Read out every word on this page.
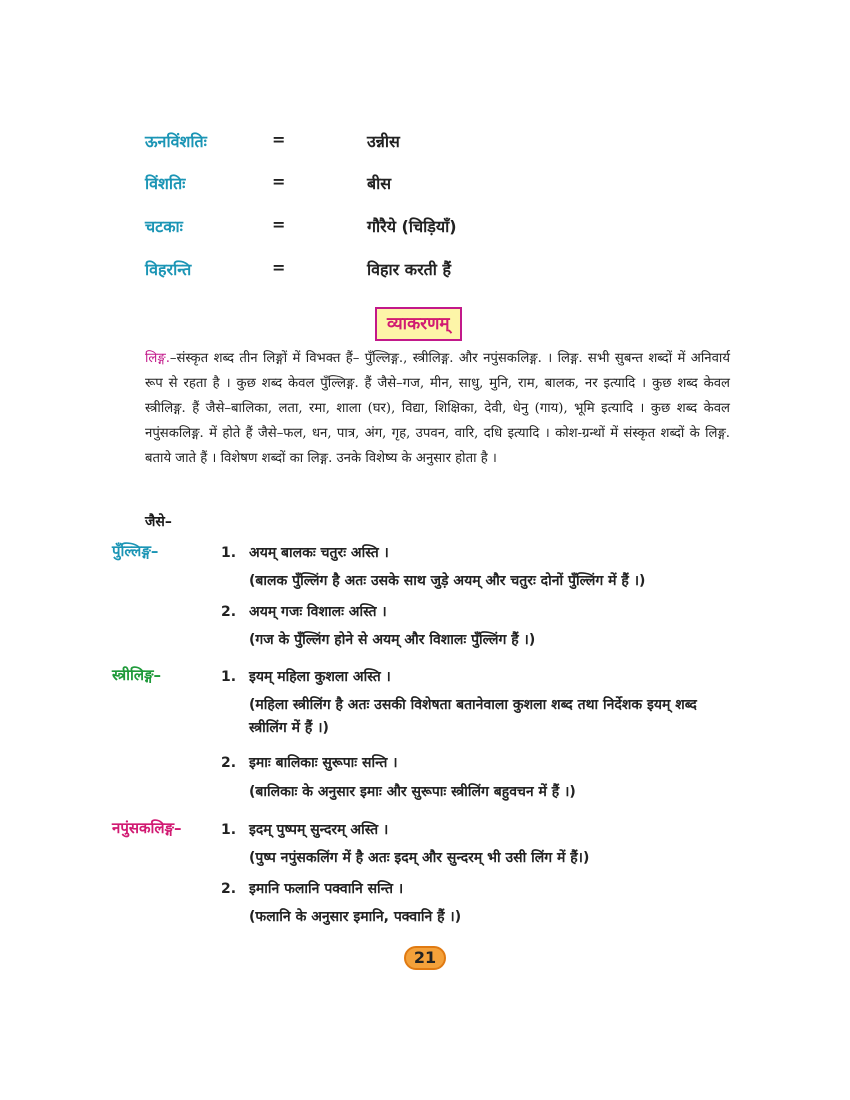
ऊनविंशतिः	=	उन्नीस
विंशतिः	=	बीस
चटकाः	=	गौरैये (चिड़ियाँ)
विहरन्ति	=	विहार करती हैं
व्याकरणम्
लिङ्ग.–संस्कृत शब्द तीन लिङ्गों में विभक्त हैं– पुँल्लिङ्ग., स्त्रीलिङ्ग. और नपुंसकलिङ्ग. । लिङ्ग. सभी सुबन्त शब्दों में अनिवार्य रूप से रहता है । कुछ शब्द केवल पुँल्लिङ्ग. हैं जैसे–गज, मीन, साधु, मुनि, राम, बालक, नर इत्यादि । कुछ शब्द केवल स्त्रीलिङ्ग. हैं जैसे–बालिका, लता, रमा, शाला (घर), विद्या, शिक्षिका, देवी, धेनु (गाय), भूमि इत्यादि । कुछ शब्द केवल नपुंसकलिङ्ग. में होते हैं जैसे–फल, धन, पात्र, अंग, गृह, उपवन, वारि, दधि इत्यादि । कोश-ग्रन्थों में संस्कृत शब्दों के लिङ्ग. बताये जाते हैं । विशेषण शब्दों का लिङ्ग. उनके विशेष्य के अनुसार होता है ।
जैसे–
पुँल्लिङ्ग–	1. अयम् बालकः चतुरः अस्ति ।
(बालक पुँल्लिंग है अतः उसके साथ जुड़े अयम् और चतुरः दोनों पुँल्लिंग में हैं ।)
2. अयम् गजः विशालः अस्ति ।
(गज के पुँल्लिंग होने से अयम् और विशालः पुँल्लिंग हैं ।)
स्त्रीलिङ्ग–	1. इयम् महिला कुशला अस्ति ।
(महिला स्त्रीलिंग है अतः उसकी विशेषता बतानेवाला कुशला शब्द तथा निर्देशक इयम् शब्द स्त्रीलिंग में हैं ।)
2. इमाः बालिकाः सुरूपाः सन्ति ।
(बालिकाः के अनुसार इमाः और सुरूपाः स्त्रीलिंग बहुवचन में हैं ।)
नपुंसकलिङ्ग–	1. इदम् पुष्पम् सुन्दरम् अस्ति ।
(पुष्प नपुंसकलिंग में है अतः इदम् और सुन्दरम् भी उसी लिंग में हैं।)
2. इमानि फलानि पक्वानि सन्ति ।
(फलानि के अनुसार इमानि, पक्वानि हैं ।)
21
